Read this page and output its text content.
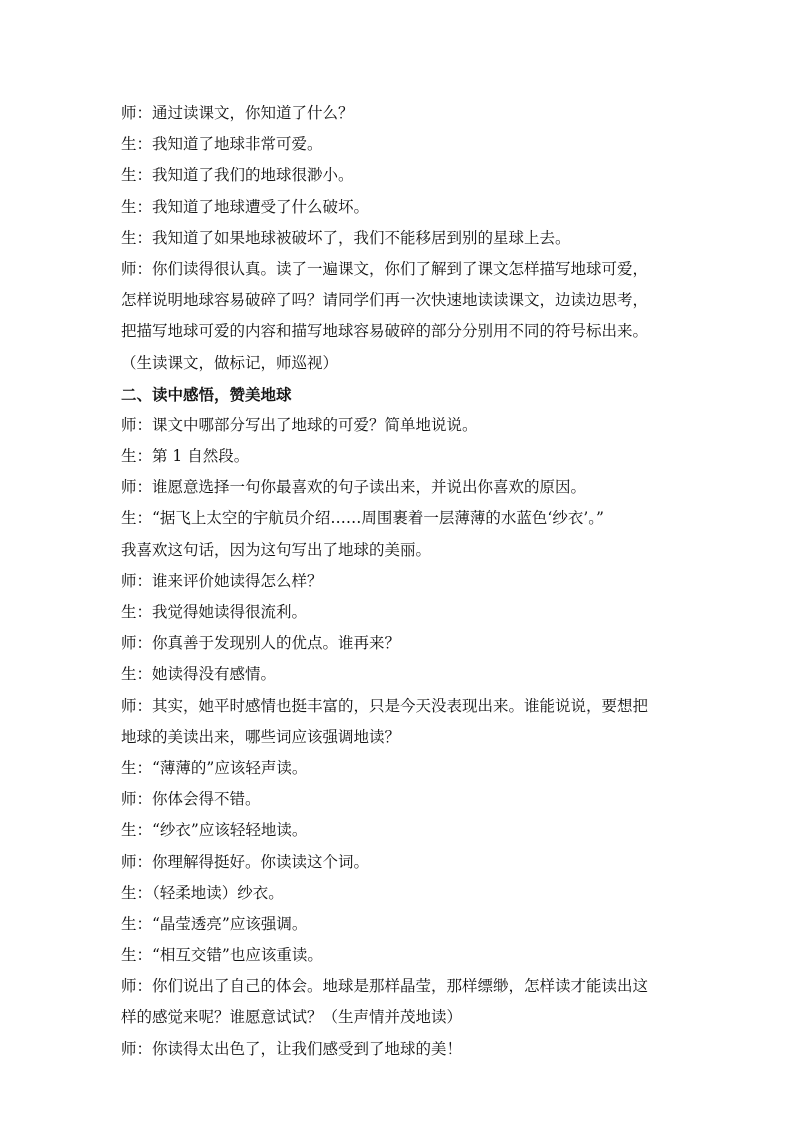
师：通过读课文，你知道了什么？
生：我知道了地球非常可爱。
生：我知道了我们的地球很渺小。
生：我知道了地球遭受了什么破坏。
生：我知道了如果地球被破坏了，我们不能移居到别的星球上去。
师：你们读得很认真。读了一遍课文，你们了解到了课文怎样描写地球可爱，
怎样说明地球容易破碎了吗？请同学们再一次快速地读读课文，边读边思考，
把描写地球可爱的内容和描写地球容易破碎的部分分别用不同的符号标出来。
（生读课文，做标记，师巡视）
二、读中感悟，赞美地球
师：课文中哪部分写出了地球的可爱？简单地说说。
生：第 1 自然段。
师：谁愿意选择一句你最喜欢的句子读出来，并说出你喜欢的原因。
生：“据飞上太空的宇航员介绍……周围裹着一层薄薄的水蓝色‘纱衣’。”
我喜欢这句话，因为这句写出了地球的美丽。
师：谁来评价她读得怎么样？
生：我觉得她读得很流利。
师：你真善于发现别人的优点。谁再来？
生：她读得没有感情。
师：其实，她平时感情也挺丰富的，只是今天没表现出来。谁能说说，要想把
地球的美读出来，哪些词应该强调地读？
生：“薄薄的”应该轻声读。
师：你体会得不错。
生：“纱衣”应该轻轻地读。
师：你理解得挺好。你读读这个词。
生：（轻柔地读）纱衣。
生：“晶莹透亮”应该强调。
生：“相互交错”也应该重读。
师：你们说出了自己的体会。地球是那样晶莹，那样缥缈，怎样读才能读出这
样的感觉来呢？谁愿意试试？（生声情并茂地读）
师：你读得太出色了，让我们感受到了地球的美！
